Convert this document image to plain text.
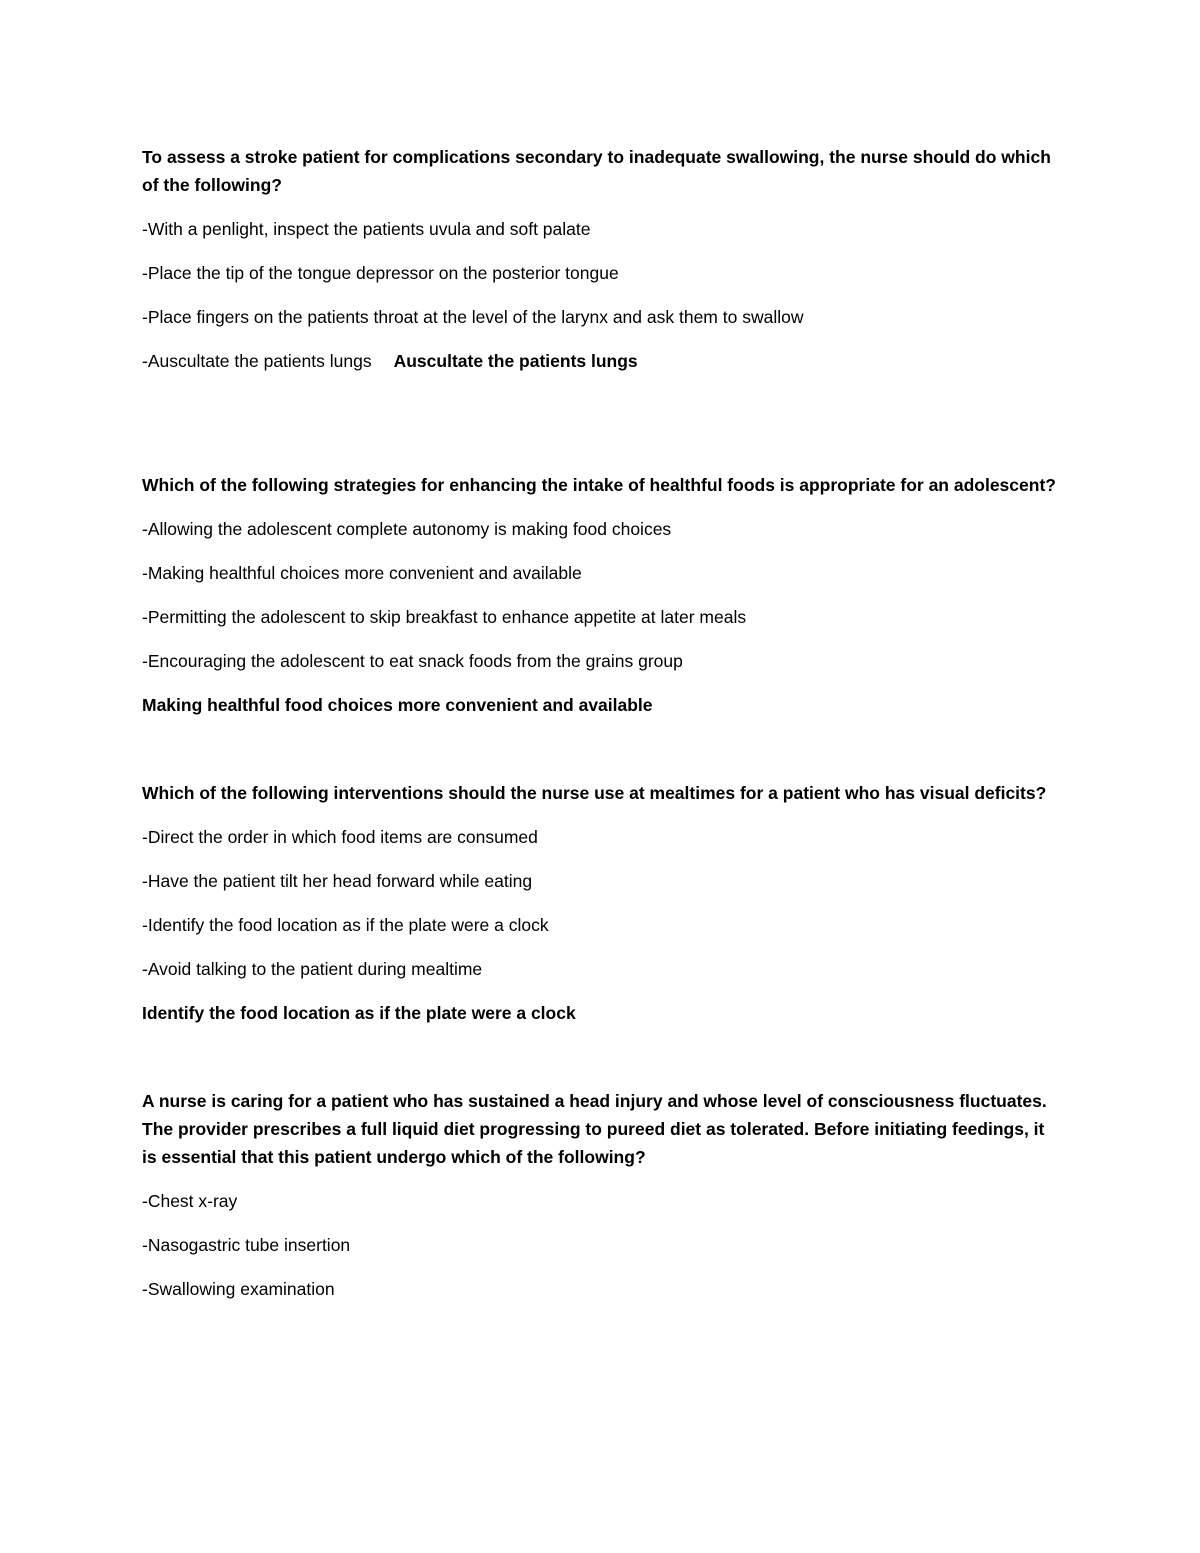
To assess a stroke patient for complications secondary to inadequate swallowing, the nurse should do which of the following?

-With a penlight, inspect the patients uvula and soft palate

-Place the tip of the tongue depressor on the posterior tongue

-Place fingers on the patients throat at the level of the larynx and ask them to swallow

-Auscultate the patients lungs Auscultate the patients lungs

Which of the following strategies for enhancing the intake of healthful foods is appropriate for an adolescent?

-Allowing the adolescent complete autonomy is making food choices

-Making healthful choices more convenient and available

-Permitting the adolescent to skip breakfast to enhance appetite at later meals

-Encouraging the adolescent to eat snack foods from the grains group

Making healthful food choices more convenient and available

Which of the following interventions should the nurse use at mealtimes for a patient who has visual deficits?

-Direct the order in which food items are consumed

-Have the patient tilt her head forward while eating

-Identify the food location as if the plate were a clock

-Avoid talking to the patient during mealtime

Identify the food location as if the plate were a clock

A nurse is caring for a patient who has sustained a head injury and whose level of consciousness fluctuates. The provider prescribes a full liquid diet progressing to pureed diet as tolerated. Before initiating feedings, it is essential that this patient undergo which of the following?

-Chest x-ray

-Nasogastric tube insertion

-Swallowing examination
